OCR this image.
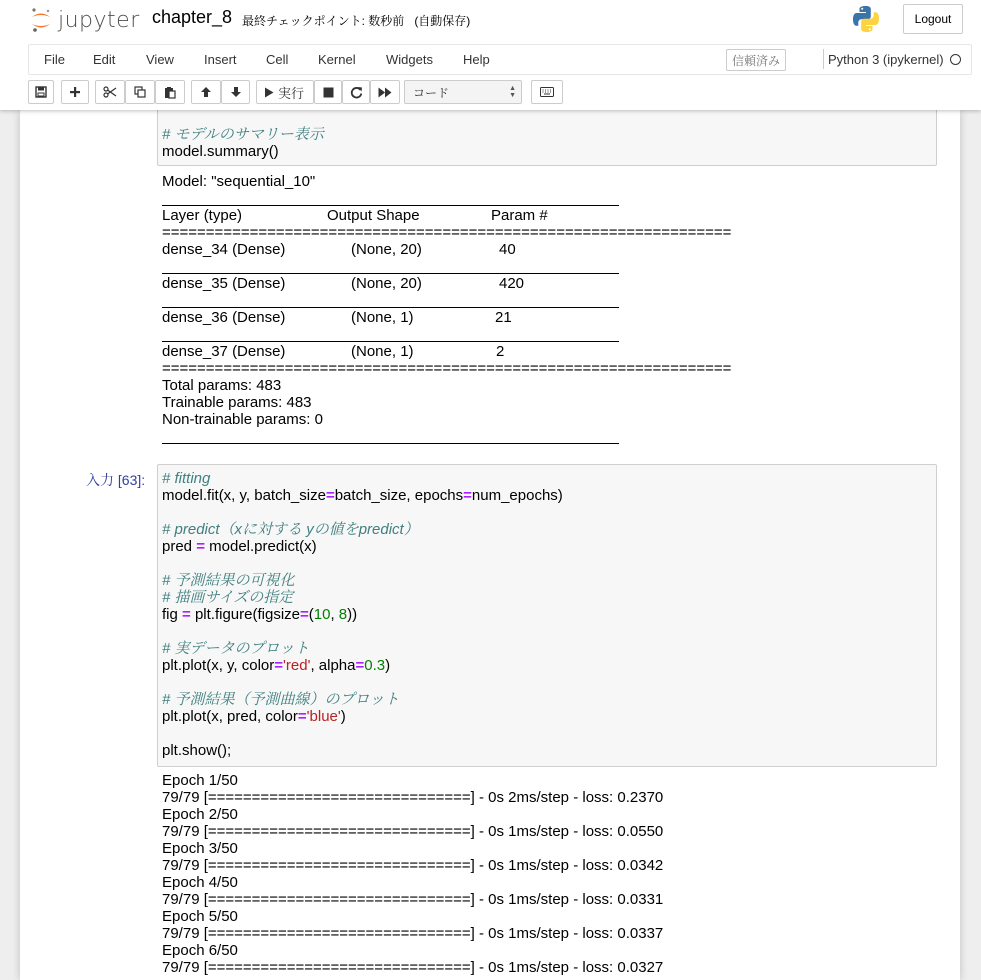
jupyter chapter_8 最終チェックポイント: 数秒前 (自動保存)	Logout
File Edit View Insert Cell Kernel Widgets Help	信頼済み	Python 3 (ipykernel)
実行	コード	▲
▼
# モデルのサマリー表示
model.summary()
Model: "sequential_10"
Layer (type)	Output Shape	Param #
=================================================================
dense_34 (Dense)	(None, 20)	40
dense_35 (Dense)	(None, 20)	420
dense_36 (Dense)	(None, 1)	21
dense_37 (Dense)	(None, 1)	2
=================================================================
Total params: 483
Trainable params: 483
Non-trainable params: 0
入力 [63]: # fitting
model.fit(x, y, batch_size=batch_size, epochs=num_epochs)
# predict（xに対する yの値をpredict）
pred = model.predict(x)
# 予測結果の可視化
# 描画サイズの指定
fig = plt.figure(figsize=(10, 8))
# 実データのプロット
plt.plot(x, y, color='red', alpha=0.3)
# 予測結果（予測曲線）のプロット
plt.plot(x, pred, color='blue')
plt.show();
Epoch 1/50
79/79 [==============================] - 0s 2ms/step - loss: 0.2370
Epoch 2/50
79/79 [==============================] - 0s 1ms/step - loss: 0.0550
Epoch 3/50
79/79 [==============================] - 0s 1ms/step - loss: 0.0342
Epoch 4/50
79/79 [==============================] - 0s 1ms/step - loss: 0.0331
Epoch 5/50
79/79 [==============================] - 0s 1ms/step - loss: 0.0337
Epoch 6/50
79/79 [==============================] - 0s 1ms/step - loss: 0.0327
